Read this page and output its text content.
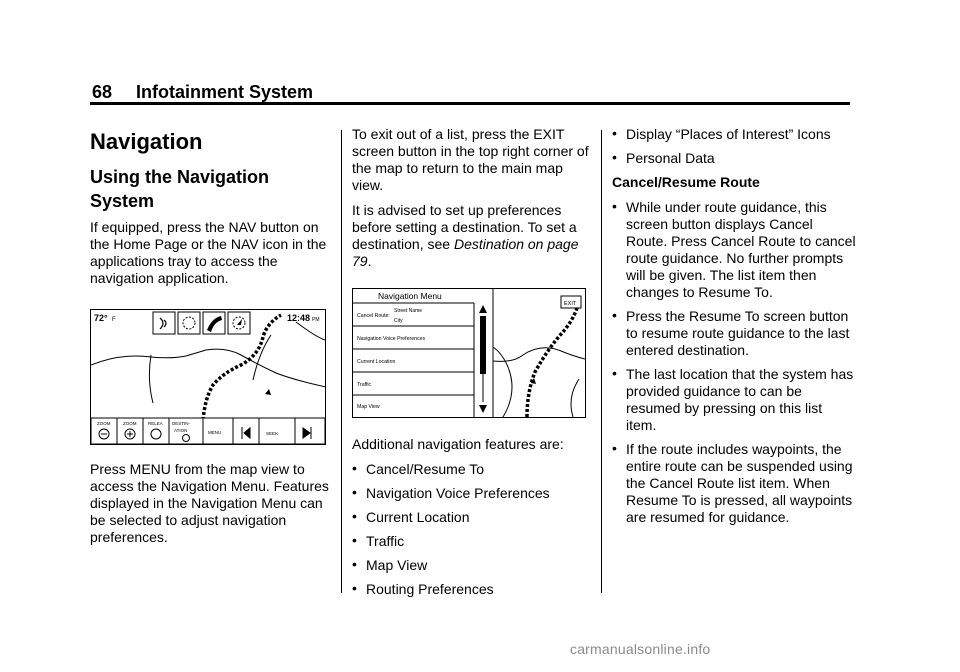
68 Infotainment System
Navigation
Using the Navigation System

If equipped, press the NAV button on the Home Page or the NAV icon in the applications tray to access the navigation application.

72° F	12:48 PM
ZOOM	ZOOM	RELEA DESTIN-
ATION	MENU	SEEK

Press MENU from the map view to access the Navigation Menu. Features displayed in the Navigation Menu can be selected to adjust navigation preferences.

To exit out of a list, press the EXIT screen button in the top right corner of the map to return to the main map view.

It is advised to set up preferences before setting a destination. To set a destination, see Destination on page 79.

Navigation Menu
Cancel Route:
Street Name
City
Navigation Voice Preferences
Current Location
Traffic
Map View
EXIT

Additional navigation features are:

• Cancel/Resume To
• Navigation Voice Preferences
• Current Location
• Traffic
• Map View
• Routing Preferences
• Display “Places of Interest” Icons
• Personal Data

Cancel/Resume Route

• While under route guidance, this screen button displays Cancel Route. Press Cancel Route to cancel route guidance. No further prompts will be given. The list item then changes to Resume To.
• Press the Resume To screen button to resume route guidance to the last entered destination.
• The last location that the system has provided guidance to can be resumed by pressing on this list item.
• If the route includes waypoints, the entire route can be suspended using the Cancel Route list item. When Resume To is pressed, all waypoints are resumed for guidance.
carmanualsonline.info
